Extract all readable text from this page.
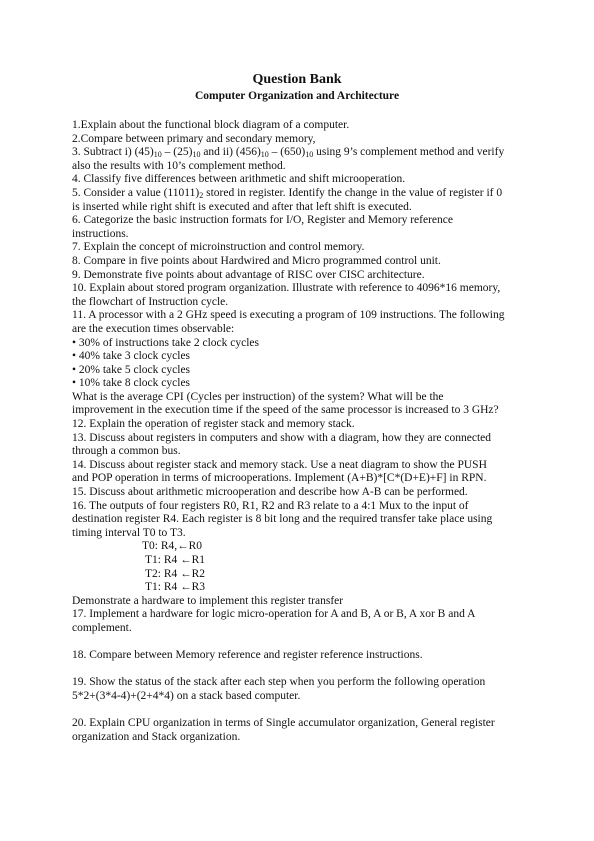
Question Bank
Computer Organization and Architecture
1.Explain about the functional block diagram of a computer.
2.Compare between primary and secondary memory,
3. Subtract i) $(45)_{10} - (25)_{10}$ and ii) $(456)_{10} - (650)_{10}$ using 9’s complement method and verify
also the results with 10’s complement method.
4. Classify five differences between arithmetic and shift microoperation.
5. Consider a value $(11011)_2$ stored in register. Identify the change in the value of register if 0
is inserted while right shift is executed and after that left shift is executed.
6. Categorize the basic instruction formats for I/O, Register and Memory reference
instructions.
7. Explain the concept of microinstruction and control memory.
8. Compare in five points about Hardwired and Micro programmed control unit.
9. Demonstrate five points about advantage of RISC over CISC architecture.
10. Explain about stored program organization. Illustrate with reference to 4096*16 memory,
the flowchart of Instruction cycle.
11. A processor with a 2 GHz speed is executing a program of 109 instructions. The following
are the execution times observable:
• 30% of instructions take 2 clock cycles
• 40% take 3 clock cycles
• 20% take 5 clock cycles
• 10% take 8 clock cycles
What is the average CPI (Cycles per instruction) of the system? What will be the
improvement in the execution time if the speed of the same processor is increased to 3 GHz?
12. Explain the operation of register stack and memory stack.
13. Discuss about registers in computers and show with a diagram, how they are connected
through a common bus.
14. Discuss about register stack and memory stack. Use a neat diagram to show the PUSH
and POP operation in terms of microoperations. Implement (A+B)*[C*(D+E)+F] in RPN.
15. Discuss about arithmetic microoperation and describe how A-B can be performed.
16. The outputs of four registers R0, R1, R2 and R3 relate to a 4:1 Mux to the input of
destination register R4. Each register is 8 bit long and the required transfer take place using
timing interval T0 to T3.
T0: R4,←R0
T1: R4 ←R1
T2: R4 ←R2
T1: R4 ←R3
Demonstrate a hardware to implement this register transfer
17. Implement a hardware for logic micro-operation for A and B, A or B, A xor B and A
complement.
18. Compare between Memory reference and register reference instructions.
19. Show the status of the stack after each step when you perform the following operation
5*2+(3*4-4)+(2+4*4) on a stack based computer.
20. Explain CPU organization in terms of Single accumulator organization, General register
organization and Stack organization.
